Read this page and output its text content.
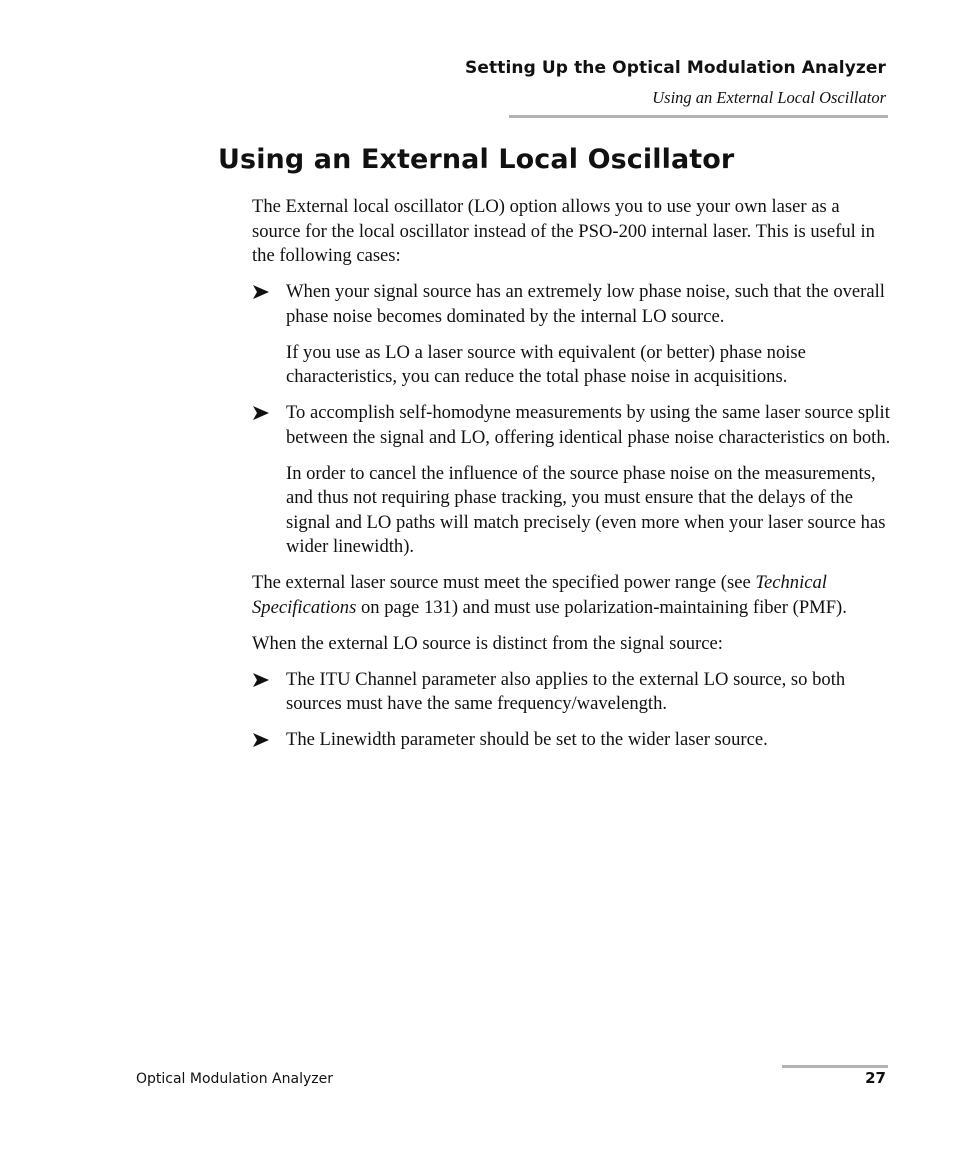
Setting Up the Optical Modulation Analyzer
Using an External Local Oscillator
Using an External Local Oscillator

The External local oscillator (LO) option allows you to use your own laser as a source for the local oscillator instead of the PSO-200 internal laser. This is useful in the following cases:

When your signal source has an extremely low phase noise, such that the overall phase noise becomes dominated by the internal LO source.

If you use as LO a laser source with equivalent (or better) phase noise characteristics, you can reduce the total phase noise in acquisitions.

To accomplish self-homodyne measurements by using the same laser source split between the signal and LO, offering identical phase noise characteristics on both.

In order to cancel the influence of the source phase noise on the measurements, and thus not requiring phase tracking, you must ensure that the delays of the signal and LO paths will match precisely (even more when your laser source has wider linewidth).

The external laser source must meet the specified power range (see Technical Specifications on page 131) and must use polarization-maintaining fiber (PMF).

When the external LO source is distinct from the signal source:

The ITU Channel parameter also applies to the external LO source, so both sources must have the same frequency/wavelength.
The Linewidth parameter should be set to the wider laser source.
Optical Modulation Analyzer	27
